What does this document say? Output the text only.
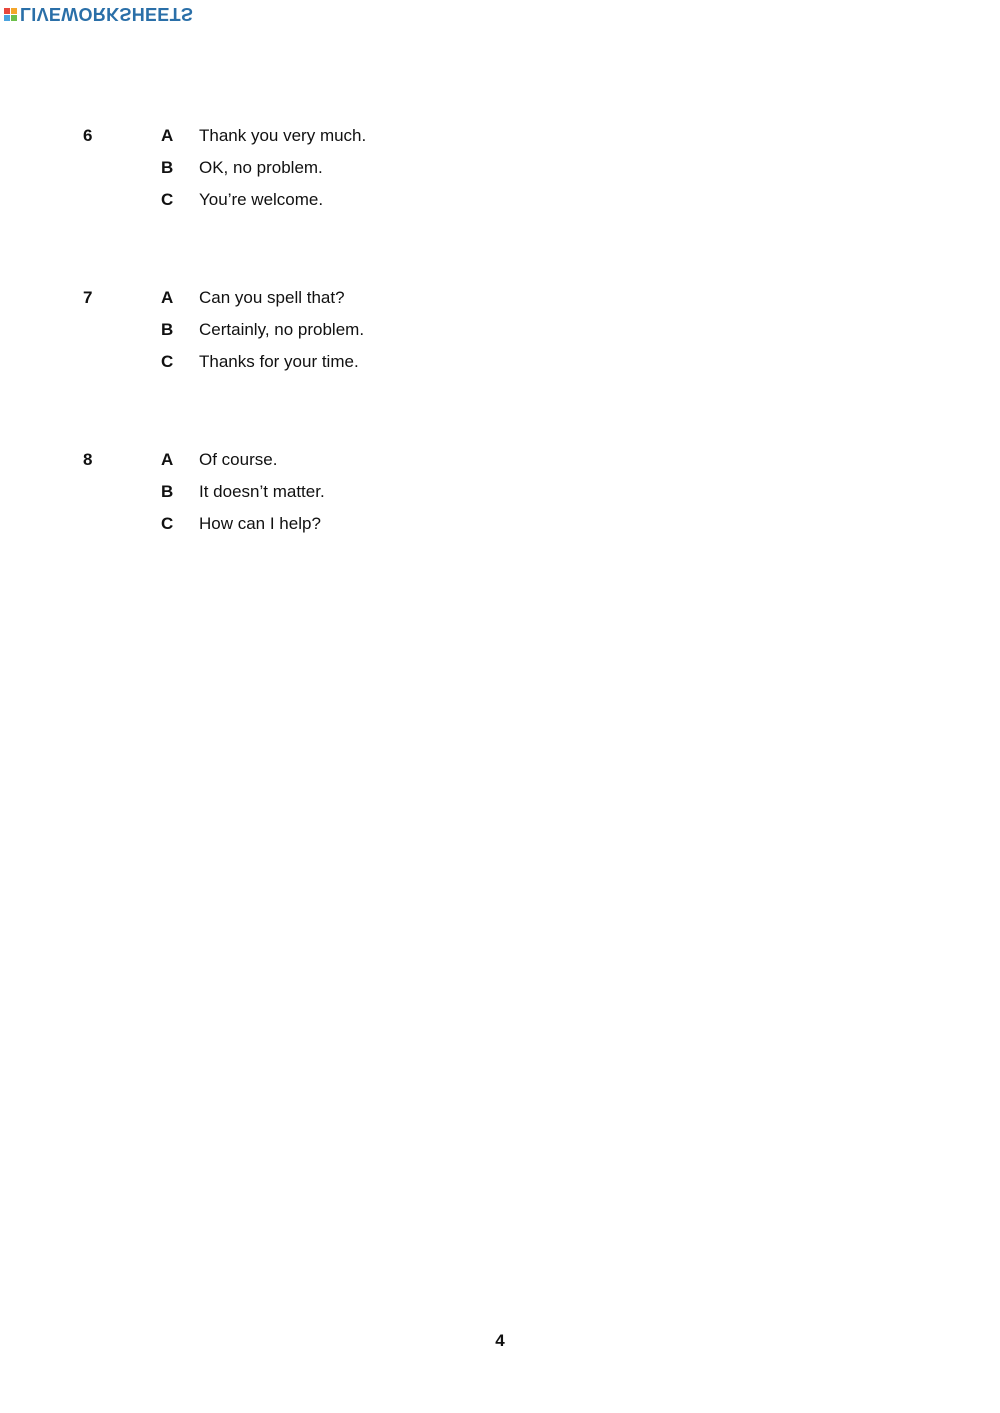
LIVEWORKSHEETS
6	A Thank you very much.
B OK, no problem.
C You’re welcome.
7	A Can you spell that?
B Certainly, no problem.
C Thanks for your time.
8	A Of course.
B It doesn’t matter.
C How can I help?
4
